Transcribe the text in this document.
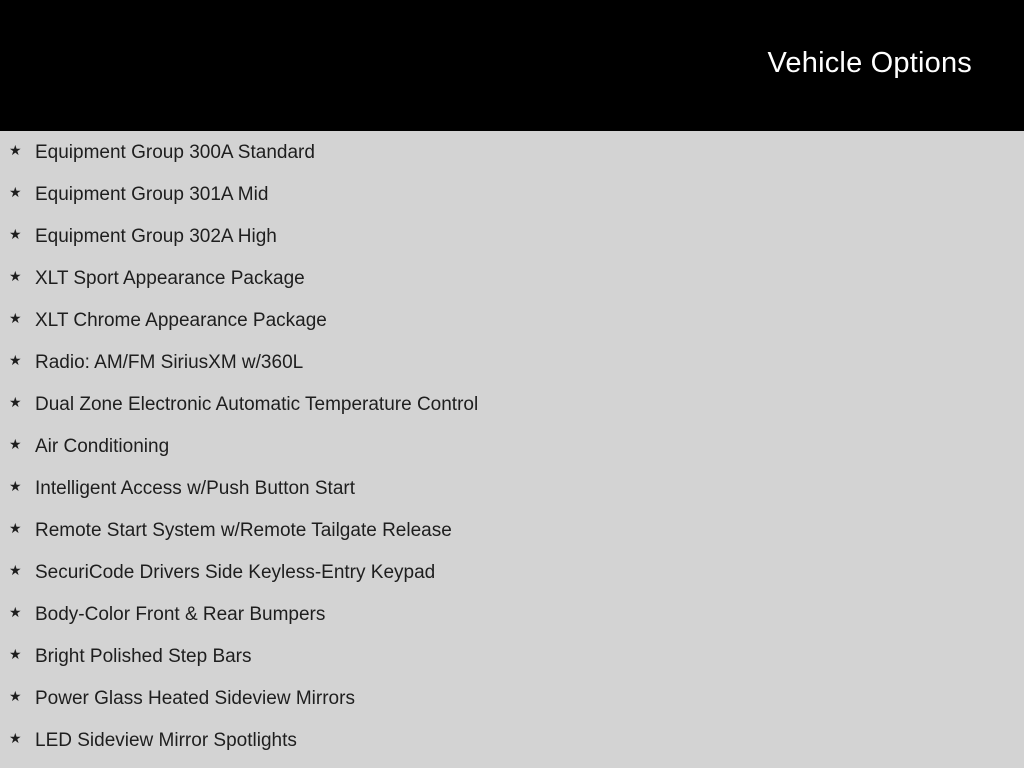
Vehicle Options
★ Equipment Group 300A Standard
★ Equipment Group 301A Mid
★ Equipment Group 302A High
★ XLT Sport Appearance Package
★ XLT Chrome Appearance Package
★ Radio: AM/FM SiriusXM w/360L
★ Dual Zone Electronic Automatic Temperature Control
★ Air Conditioning
★ Intelligent Access w/Push Button Start
★ Remote Start System w/Remote Tailgate Release
★ SecuriCode Drivers Side Keyless-Entry Keypad
★ Body-Color Front & Rear Bumpers
★ Bright Polished Step Bars
★ Power Glass Heated Sideview Mirrors
★ LED Sideview Mirror Spotlights
